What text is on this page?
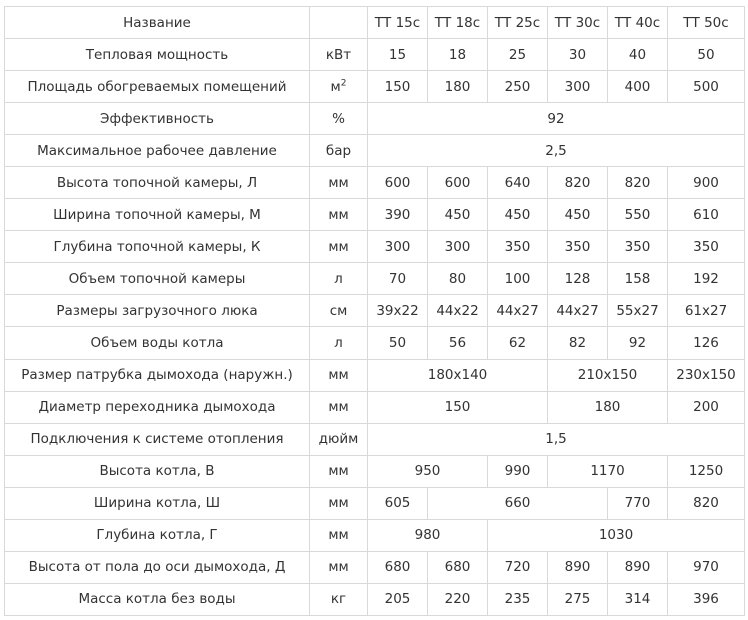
Название		ТТ 15с	ТТ 18с	ТТ 25с	ТТ 30с	ТТ 40с	ТТ 50с
Тепловая мощность	кВт	15	18	25	30	40	50
Площадь обогреваемых помещений	$м^2$	150	180	250	300	400	500
Эффективность	%	92					
Максимальное рабочее давление	бар	2,5					
Высота топочной камеры, Л	мм	600	600	640	820	820	900
Ширина топочной камеры, М	мм	390	450	450	450	550	610
Глубина топочной камеры, К	мм	300	300	350	350	350	350
Объем топочной камеры	л	70	80	100	128	158	192
Размеры загрузочного люка	см	39x22	44x22	44x27	44x27	55x27	61x27
Объем воды котла	л	50	56	62	82	92	126
Размер патрубка дымохода (наружн.)	мм	180x140			210x150		230x150
Диаметр переходника дымохода	мм	150			180		200
Подключения к системе отопления	дюйм	1,5					
Высота котла, В	мм	950		990	1170		1250
Ширина котла, Ш	мм	605	660			770	820
Глубина котла, Г	мм	980		1030			
Высота от пола до оси дымохода, Д	мм	680	680	720	890	890	970
Масса котла без воды	кг	205	220	235	275	314	396
